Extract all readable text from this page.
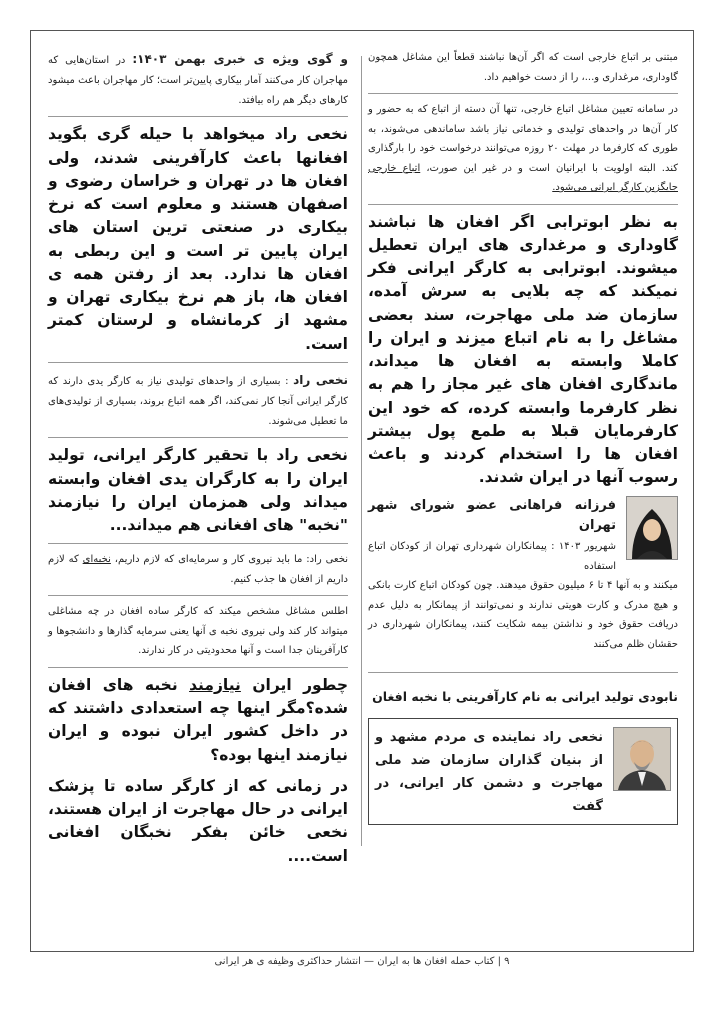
مبتنی بر اتباع خارجی است که اگر آن‌ها نباشند قطعاً این مشاغل همچون گاوداری، مرغداری و...، را از دست خواهیم داد.

در سامانه تعیین مشاغل اتباع خارجی، تنها آن دسته از اتباع که به حضور و کار آن‌ها در واحدهای تولیدی و خدماتی نیاز باشد ساماندهی می‌شوند، به طوری که کارفرما در مهلت ۲۰ روزه می‌توانند درخواست خود را بارگذاری کند. البته اولویت با ایرانیان است و در غیر این صورت، اتباع خارجی جایگزین کارگر ایرانی می‌شود.

به نظر ابوترابی اگر افغان ها نباشند گاوداری و مرغداری های ایران تعطیل میشوند. ابوترابی به کارگر ایرانی فکر نمیکند که چه بلایی به سرش آمده، سازمان ضد ملی مهاجرت، سند بعضی مشاغل را به نام اتباع میزند و ایران را کاملا وابسته به افغان ها میداند، ماندگاری افغان های غیر مجاز را هم به نظر کارفرما وابسته کرده، که خود این کارفرمایان قبلا به طمع پول بیشتر افغان ها را استخدام کردند و باعث رسوب آنها در ایران شدند.

فرزانه فراهانی عضو شورای شهر تهران

شهریور ۱۴۰۳ : پیمانکاران شهرداری تهران از کودکان اتباع استفاده

میکنند و به آنها ۴ تا ۶ میلیون حقوق میدهند. چون کودکان اتباع کارت بانکی و هیچ مدرک و کارت هویتی ندارند و نمی‌توانند از پیمانکار به دلیل عدم دریافت حقوق خود و نداشتن بیمه شکایت کنند، پیمانکاران شهرداری در حقشان ظلم می‌کنند

نابودی تولید ایرانی به نام کارآفرینی با نخبه افغان

نخعی راد نماینده ی مردم مشهد و از بنیان گذاران سازمان ضد ملی مهاجرت و دشمن کار ایرانی، در گفت

و گوی ویژه ی خبری بهمن ۱۴۰۳: در استان‌هایی که مهاجران کار می‌کنند آمار بیکاری پایین‌تر است؛ کار مهاجران باعث میشود کارهای دیگر هم راه بیافتد.

نخعی راد میخواهد با حیله گری بگوید افغانها باعث کارآفرینی شدند، ولی افغان ها در تهران و خراسان رضوی و اصفهان هستند و معلوم است که نرخ بیکاری در صنعتی ترین استان های ایران پایین تر است و این ربطی به افغان ها ندارد. بعد از رفتن همه ی افغان ها، باز هم نرخ بیکاری تهران و مشهد از کرمانشاه و لرستان کمتر است.

نخعی راد : بسیاری از واحدهای تولیدی نیاز به کارگر یدی دارند که کارگر ایرانی آنجا کار نمی‌کند، اگر همه اتباع بروند، بسیاری از تولیدی‌های ما تعطیل می‌شوند.

نخعی راد با تحقیر کارگر ایرانی، تولید ایران را به کارگران یدی افغان وابسته میداند ولی همزمان ایران را نیازمند "نخبه" های افغانی هم میداند...

نخعی راد: ما باید نیروی کار و سرمایه‌ای که لازم داریم، نخبه‌ای که لازم داریم از افغان ها جذب کنیم.

اطلس مشاغل مشخص میکند که کارگر ساده افغان در چه مشاغلی میتواند کار کند ولی نیروی نخبه ی آنها یعنی سرمایه گذارها و دانشجوها و کارآفرینان جدا است و آنها محدودیتی در کار ندارند.

چطور ایران نیازمند نخبه های افغان شده؟مگر اینها چه استعدادی داشتند که در داخل کشور ایران نبوده و ایران نیازمند اینها بوده؟

در زمانی که از کارگر ساده تا پزشک ایرانی در حال مهاجرت از ایران هستند، نخعی خائن بفکر نخبگان افغانی است....

۹ | کتاب حمله افغان ها به ایران — انتشار حداکثری وظیفه ی هر ایرانی
